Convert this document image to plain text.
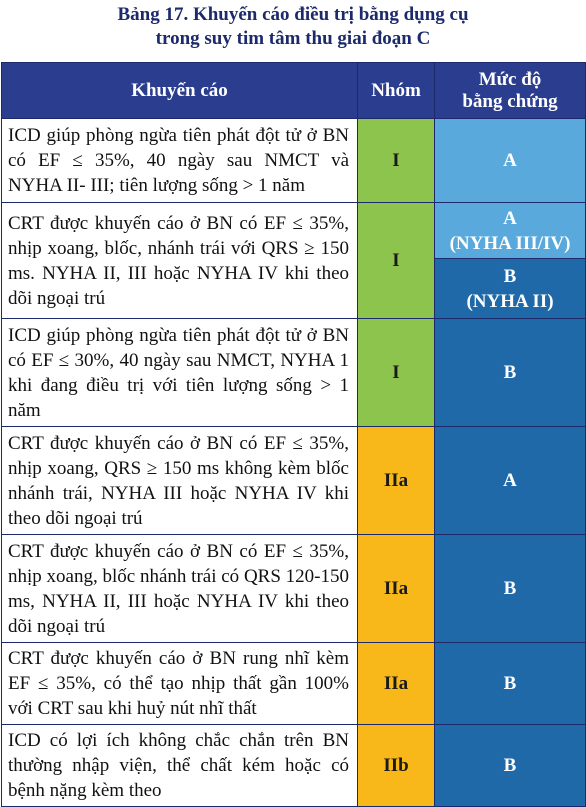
Bảng 17. Khuyến cáo điều trị bằng dụng cụ
trong suy tim tâm thu giai đoạn C
Khuyến cáo	Nhóm	Mức độ
bằng chứng

ICD giúp phòng ngừa tiên phát đột tử ở BN có EF ≤ 35%, 40 ngày sau NMCT và NYHA II- III; tiên lượng sống > 1 năm	I	A
CRT được khuyến cáo ở BN có EF ≤ 35%, nhịp xoang, blốc, nhánh trái với QRS ≥ 150 ms. NYHA II, III hoặc NYHA IV khi theo dõi ngoại trú	I	A
(NYHA III/IV)

		B
(NYHA II)

ICD giúp phòng ngừa tiên phát đột tử ở BN có EF ≤ 30%, 40 ngày sau NMCT, NYHA 1 khi đang điều trị với tiên lượng sống > 1 năm	I	B
CRT được khuyến cáo ở BN có EF ≤ 35%, nhịp xoang, QRS ≥ 150 ms không kèm blốc nhánh trái, NYHA III hoặc NYHA IV khi theo dõi ngoại trú	IIa	A
CRT được khuyến cáo ở BN có EF ≤ 35%, nhịp xoang, blốc nhánh trái có QRS 120-150 ms, NYHA II, III hoặc NYHA IV khi theo dõi ngoại trú	IIa	B
CRT được khuyến cáo ở BN rung nhĩ kèm EF ≤ 35%, có thể tạo nhịp thất gần 100% với CRT sau khi huỷ nút nhĩ thất	IIa	B
ICD có lợi ích không chắc chắn trên BN thường nhập viện, thể chất kém hoặc có bệnh nặng kèm theo	IIb	B
